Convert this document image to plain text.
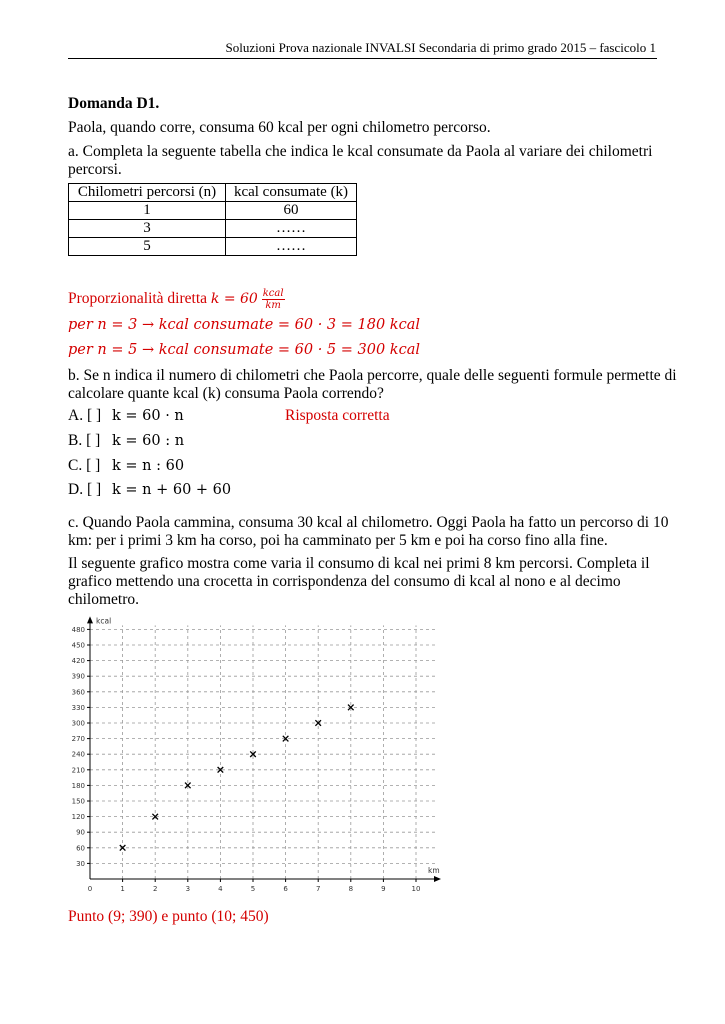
Soluzioni Prova nazionale INVALSI Secondaria di primo grado 2015 – fascicolo 1
Domanda D1.
Paola, quando corre, consuma 60 kcal per ogni chilometro percorso.
a. Completa la seguente tabella che indica le kcal consumate da Paola al variare dei chilometri
percorsi.
Chilometri percorsi (n)	kcal consumate (k)
1	60
3	……
5	……
Proporzionalità diretta $k = 60 \frac{\text{kcal}}{km}$
per n = 3 → kcal consumate = 60 · 3 = 180 kcal
per n = 5 → kcal consumate = 60 · 5 = 300 kcal
b. Se n indica il numero di chilometri che Paola percorre, quale delle seguenti formule permette di
calcolare quante kcal (k) consuma Paola correndo?
A. [ ] k = 60 · n	Risposta corretta
B. [ ] k = 60 : n
C. [ ] k = n : 60
D. [ ] k = n + 60 + 60
c. Quando Paola cammina, consuma 30 kcal al chilometro. Oggi Paola ha fatto un percorso di 10
km: per i primi 3 km ha corso, poi ha camminato per 5 km e poi ha corso fino alla fine.
Il seguente grafico mostra come varia il consumo di kcal nei primi 8 km percorsi. Completa il
grafico mettendo una crocetta in corrispondenza del consumo di kcal al nono e al decimo
chilometro.
30
60
90
120
150
180
210
240
270
300
330
360
390
420
450
480
0	1	2	3	4	5	6	7	8	9	10
kcal
km
Punto (9; 390) e punto (10; 450)
